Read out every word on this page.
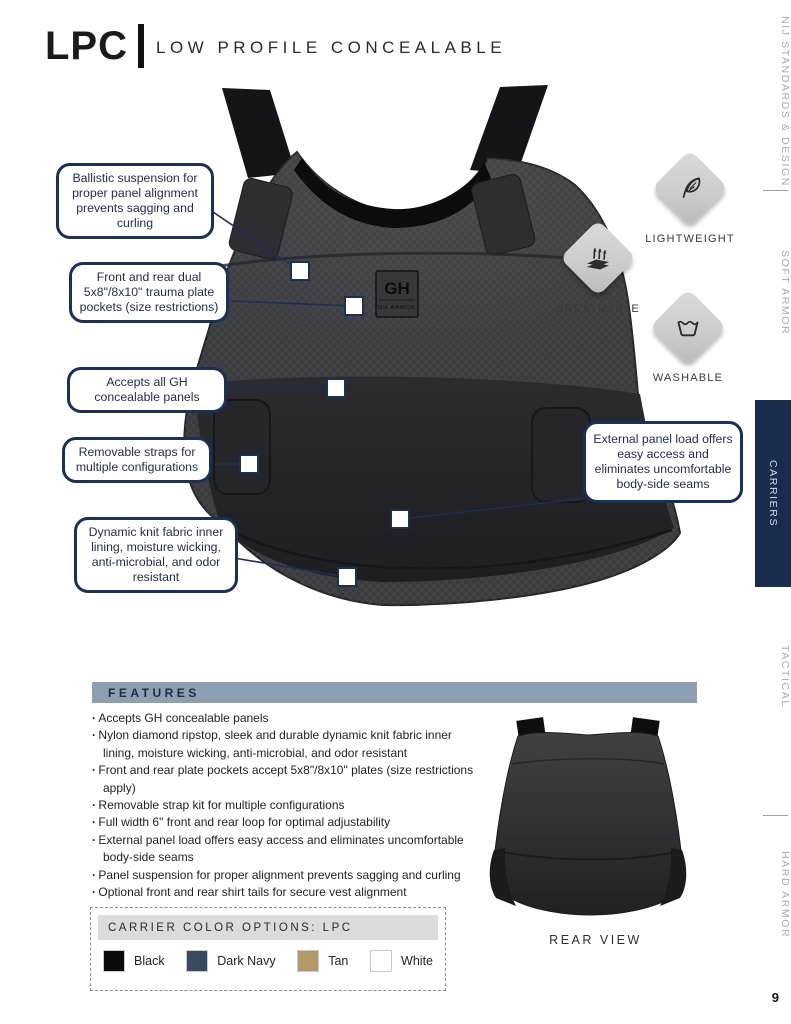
LPC LOW PROFILE CONCEALABLE
GH
GH ARMOR
Ballistic suspension for proper panel alignment prevents sagging and curling
Front and rear dual 5x8"/8x10" trauma plate pockets (size restrictions)
Accepts all GH concealable panels
Removable straps for multiple configurations
Dynamic knit fabric inner lining, moisture wicking, anti-microbial, and odor resistant
External panel load offers easy access and eliminates uncomfortable body-side seams
LIGHTWEIGHT
BREATHABLE
WASHABLE
FEATURES
· Accepts GH concealable panels
· Nylon diamond ripstop, sleek and durable dynamic knit fabric inner lining, moisture wicking, anti-microbial, and odor resistant
· Front and rear plate pockets accept 5x8"/8x10" plates (size restrictions apply)
· Removable strap kit for multiple configurations
· Full width 6" front and rear loop for optimal adjustability
· External panel load offers easy access and eliminates uncomfortable body-side seams
· Panel suspension for proper alignment prevents sagging and curling
· Optional front and rear shirt tails for secure vest alignment
CARRIER COLOR OPTIONS: LPC
Black	Dark Navy	Tan	White
REAR VIEW
NIJ STANDARDS & DESIGN
SOFT ARMOR
CARRIERS
TACTICAL
HARD ARMOR
9
